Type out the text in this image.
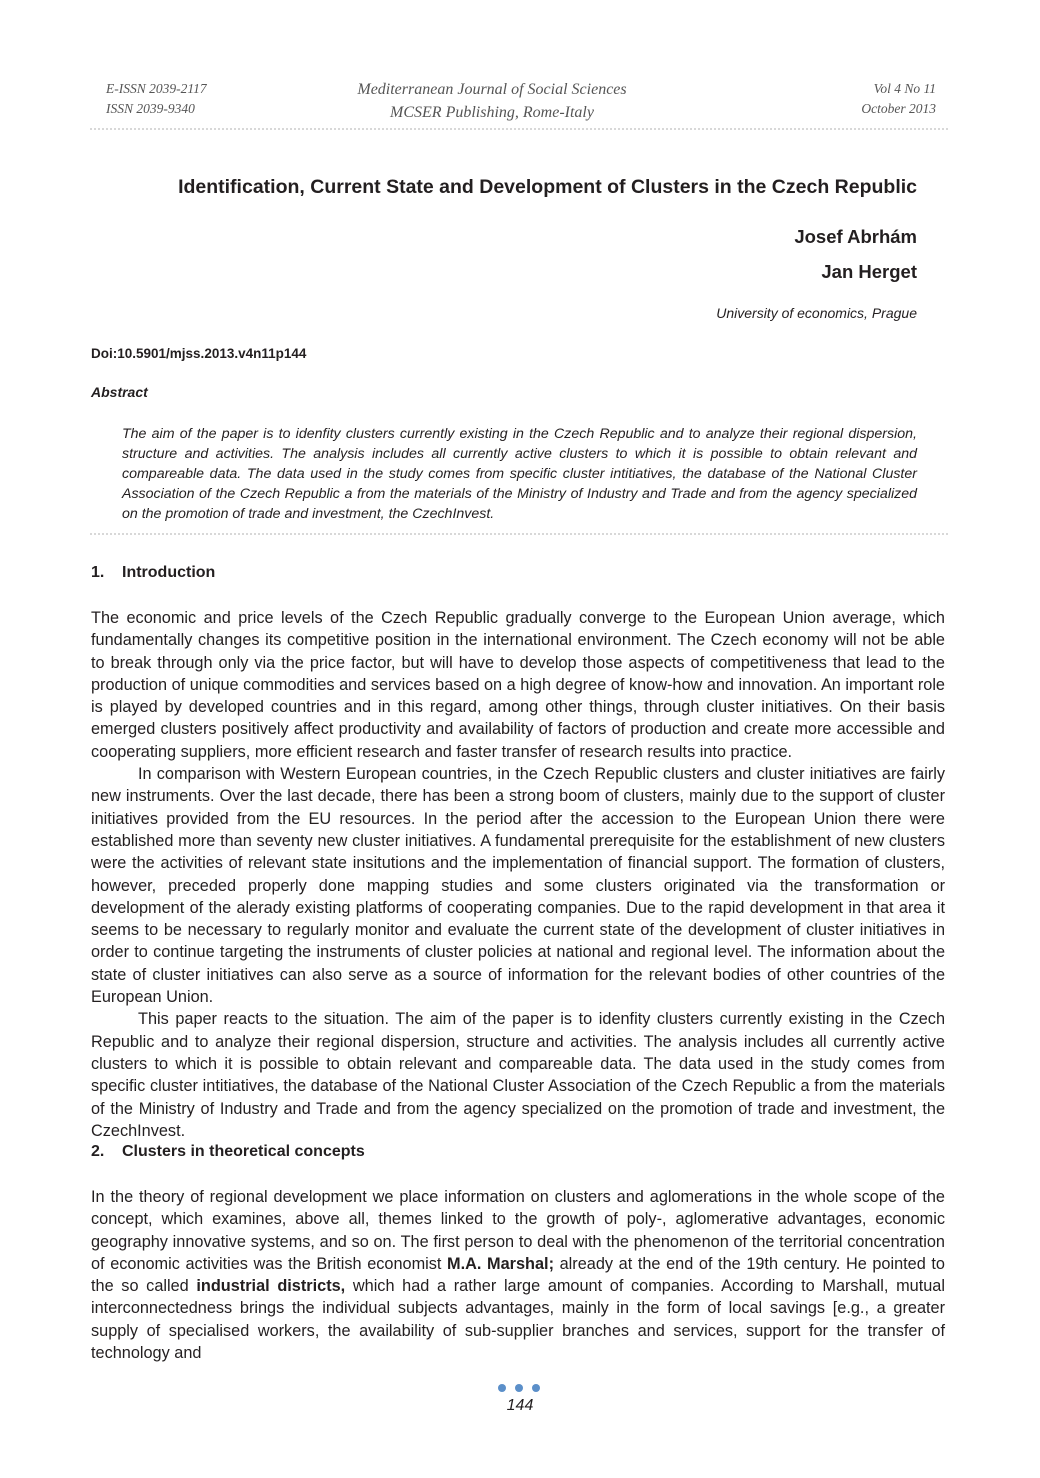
E-ISSN 2039-2117
ISSN 2039-9340
Mediterranean Journal of Social Sciences
MCSER Publishing, Rome-Italy
Vol 4 No 11
October 2013
Identification, Current State and Development of Clusters in the Czech Republic
Josef Abrhám
Jan Herget
University of economics, Prague
Doi:10.5901/mjss.2013.v4n11p144
Abstract
The aim of the paper is to idenfity clusters currently existing in the Czech Republic and to analyze their regional dispersion, structure and activities. The analysis includes all currently active clusters to which it is possible to obtain relevant and compareable data. The data used in the study comes from specific cluster intitiatives, the database of the National Cluster Association of the Czech Republic a from the materials of the Ministry of Industry and Trade and from the agency specialized on the promotion of trade and investment, the CzechInvest.
1. Introduction

The economic and price levels of the Czech Republic gradually converge to the European Union average, which fundamentally changes its competitive position in the international environment. The Czech economy will not be able to break through only via the price factor, but will have to develop those aspects of competitiveness that lead to the production of unique commodities and services based on a high degree of know-how and innovation. An important role is played by developed countries and in this regard, among other things, through cluster initiatives. On their basis emerged clusters positively affect productivity and availability of factors of production and create more accessible and cooperating suppliers, more efficient research and faster transfer of research results into practice.

In comparison with Western European countries, in the Czech Republic clusters and cluster initiatives are fairly new instruments. Over the last decade, there has been a strong boom of clusters, mainly due to the support of cluster initiatives provided from the EU resources. In the period after the accession to the European Union there were established more than seventy new cluster initiatives. A fundamental prerequisite for the establishment of new clusters were the activities of relevant state insitutions and the implementation of financial support. The formation of clusters, however, preceded properly done mapping studies and some clusters originated via the transformation or development of the alerady existing platforms of cooperating companies. Due to the rapid development in that area it seems to be necessary to regularly monitor and evaluate the current state of the development of cluster initiatives in order to continue targeting the instruments of cluster policies at national and regional level. The information about the state of cluster initiatives can also serve as a source of information for the relevant bodies of other countries of the European Union.

This paper reacts to the situation. The aim of the paper is to idenfity clusters currently existing in the Czech Republic and to analyze their regional dispersion, structure and activities. The analysis includes all currently active clusters to which it is possible to obtain relevant and compareable data. The data used in the study comes from specific cluster intitiatives, the database of the National Cluster Association of the Czech Republic a from the materials of the Ministry of Industry and Trade and from the agency specialized on the promotion of trade and investment, the CzechInvest.

2. Clusters in theoretical concepts

In the theory of regional development we place information on clusters and aglomerations in the whole scope of the concept, which examines, above all, themes linked to the growth of poly-, aglomerative advantages, economic geography innovative systems, and so on. The first person to deal with the phenomenon of the territorial concentration of economic activities was the British economist M.A. Marshal; already at the end of the 19th century. He pointed to the so called industrial districts, which had a rather large amount of companies. According to Marshall, mutual interconnectedness brings the individual subjects advantages, mainly in the form of local savings [e.g., a greater supply of specialised workers, the availability of sub-supplier branches and services, support for the transfer of technology and

144
